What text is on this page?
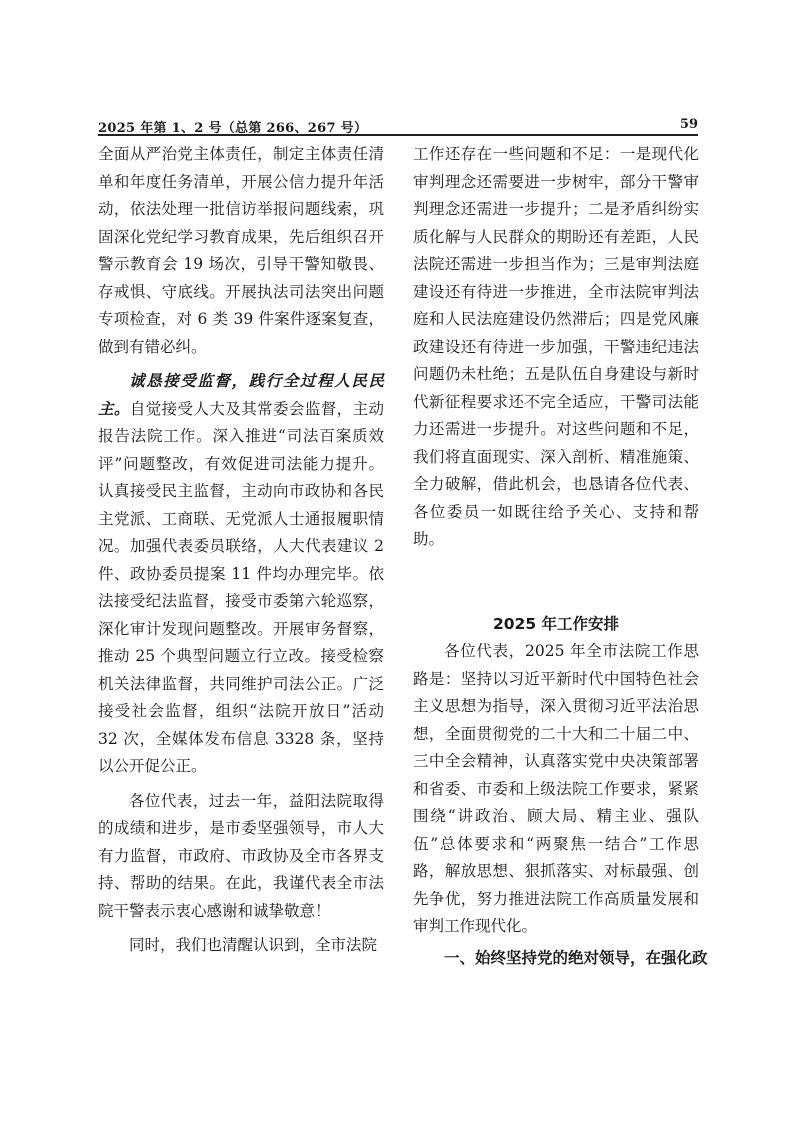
2025 年第 1、2 号（总第 266、267 号）	59

全面从严治党主体责任，制定主体责任清单和年度任务清单，开展公信力提升年活动，依法处理一批信访举报问题线索，巩固深化党纪学习教育成果，先后组织召开警示教育会 19 场次，引导干警知敬畏、存戒惧、守底线。开展执法司法突出问题专项检查，对 6 类 39 件案件逐案复查，做到有错必纠。

诚恳接受监督，践行全过程人民民主。自觉接受人大及其常委会监督，主动报告法院工作。深入推进“司法百案质效评”问题整改，有效促进司法能力提升。认真接受民主监督，主动向市政协和各民主党派、工商联、无党派人士通报履职情况。加强代表委员联络，人大代表建议 2 件、政协委员提案 11 件均办理完毕。依法接受纪法监督，接受市委第六轮巡察，深化审计发现问题整改。开展审务督察，推动 25 个典型问题立行立改。接受检察机关法律监督，共同维护司法公正。广泛接受社会监督，组织“法院开放日”活动 32 次，全媒体发布信息 3328 条，坚持以公开促公正。

各位代表，过去一年，益阳法院取得的成绩和进步，是市委坚强领导，市人大有力监督，市政府、市政协及全市各界支持、帮助的结果。在此，我谨代表全市法院干警表示衷心感谢和诚挚敬意！

同时，我们也清醒认识到，全市法院

工作还存在一些问题和不足：一是现代化审判理念还需要进一步树牢，部分干警审判理念还需进一步提升；二是矛盾纠纷实质化解与人民群众的期盼还有差距，人民法院还需进一步担当作为；三是审判法庭建设还有待进一步推进，全市法院审判法庭和人民法庭建设仍然滞后；四是党风廉政建设还有待进一步加强，干警违纪违法问题仍未杜绝；五是队伍自身建设与新时代新征程要求还不完全适应，干警司法能力还需进一步提升。对这些问题和不足，我们将直面现实、深入剖析、精准施策、全力破解，借此机会，也恳请各位代表、各位委员一如既往给予关心、支持和帮助。

2025 年工作安排

各位代表，2025 年全市法院工作思路是：坚持以习近平新时代中国特色社会主义思想为指导，深入贯彻习近平法治思想，全面贯彻党的二十大和二十届二中、三中全会精神，认真落实党中央决策部署和省委、市委和上级法院工作要求，紧紧围绕“讲政治、顾大局、精主业、强队伍”总体要求和“两聚焦一结合”工作思路，解放思想、狠抓落实、对标最强、创先争优，努力推进法院工作高质量发展和审判工作现代化。

一、始终坚持党的绝对领导，在强化政
